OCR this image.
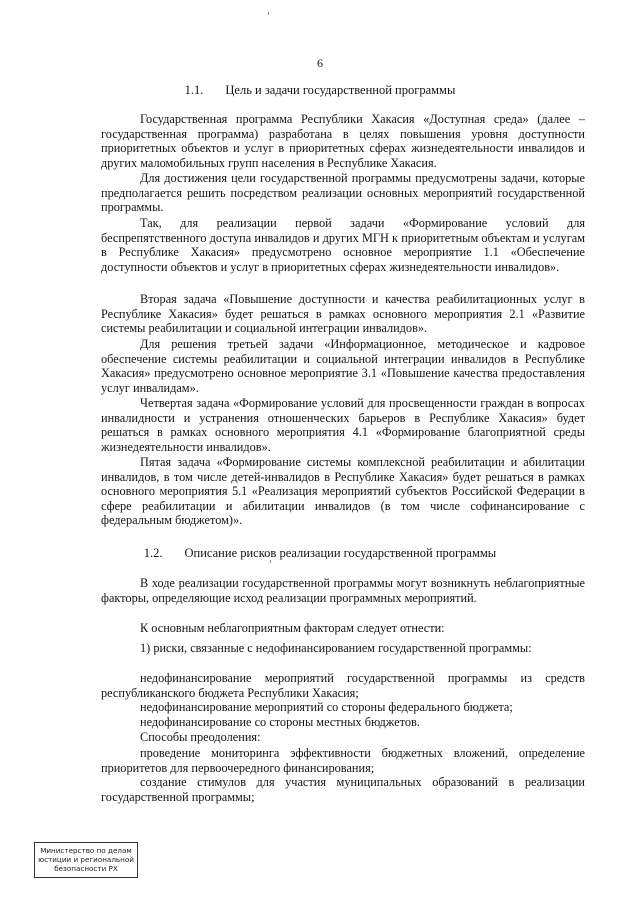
6
1.1. Цель и задачи государственной программы
Государственная программа Республики Хакасия «Доступная среда» (далее – государственная программа) разработана в целях повышения уровня доступности приоритетных объектов и услуг в приоритетных сферах жизнедеятельности инвалидов и других маломобильных групп населения в Республике Хакасия.
Для достижения цели государственной программы предусмотрены задачи, которые предполагается решить посредством реализации основных мероприятий государственной программы.
Так, для реализации первой задачи «Формирование условий для беспрепятственного доступа инвалидов и других МГН к приоритетным объектам и услугам в Республике Хакасия» предусмотрено основное мероприятие 1.1 «Обеспечение доступности объектов и услуг в приоритетных сферах жизнедеятельности инвалидов».
Вторая задача «Повышение доступности и качества реабилитационных услуг в Республике Хакасия» будет решаться в рамках основного мероприятия 2.1 «Развитие системы реабилитации и социальной интеграции инвалидов».
Для решения третьей задачи «Информационное, методическое и кадровое обеспечение системы реабилитации и социальной интеграции инвалидов в Республике Хакасия» предусмотрено основное мероприятие 3.1 «Повышение качества предоставления услуг инвалидам».
Четвертая задача «Формирование условий для просвещенности граждан в вопросах инвалидности и устранения отношенческих барьеров в Республике Хакасия» будет решаться в рамках основного мероприятия 4.1 «Формирование благоприятной среды жизнедеятельности инвалидов».
Пятая задача «Формирование системы комплексной реабилитации и абилитации инвалидов, в том числе детей-инвалидов в Республике Хакасия» будет решаться в рамках основного мероприятия 5.1 «Реализация мероприятий субъектов Российской Федерации в сфере реабилитации и абилитации инвалидов (в том числе софинансирование с федеральным бюджетом)».
1.2. Описание рисков реализации государственной программы
В ходе реализации государственной программы могут возникнуть неблагоприятные факторы, определяющие исход реализации программных мероприятий.
К основным неблагоприятным факторам следует отнести:
1) риски, связанные с недофинансированием государственной программы:
недофинансирование мероприятий государственной программы из средств республиканского бюджета Республики Хакасия;
недофинансирование мероприятий со стороны федерального бюджета;
недофинансирование со стороны местных бюджетов.
Способы преодоления:
проведение мониторинга эффективности бюджетных вложений, определение приоритетов для первоочередного финансирования;
создание стимулов для участия муниципальных образований в реализации государственной программы;
Министерство по делам
юстиции и региональной
безопасности РХ
